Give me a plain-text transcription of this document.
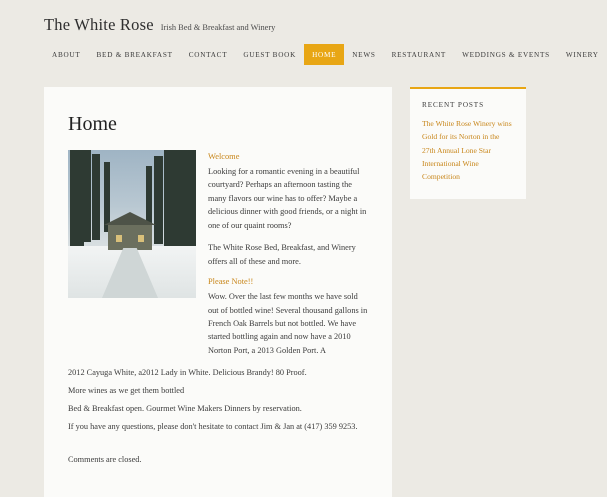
The White Rose Irish Bed & Breakfast and Winery
ABOUT	BED & BREAKFAST	CONTACT	GUEST BOOK	HOME	NEWS	RESTAURANT	WEDDINGS & EVENTS	WINERY
Home

Welcome

Looking for a romantic evening in a beautiful courtyard? Perhaps an afternoon tasting the many flavors our wine has to offer? Maybe a delicious dinner with good friends, or a night in one of our quaint rooms?

The White Rose Bed, Breakfast, and Winery offers all of these and more.

Please Note!!

Wow. Over the last few months we have sold out of bottled wine! Several thousand gallons in French Oak Barrels but not bottled. We have started bottling again and now have a 2010 Norton Port, a 2013 Golden Port. A

2012 Cayuga White, a2012 Lady in White. Delicious Brandy! 80 Proof.

More wines as we get them bottled

Bed & Breakfast open. Gourmet Wine Makers Dinners by reservation.

If you have any questions, please don't hesitate to contact Jim & Jan at (417) 359 9253.

Comments are closed.

RECENT POSTS
The White Rose Winery wins Gold for its Norton in the 27th Annual Lone Star International Wine Competition
